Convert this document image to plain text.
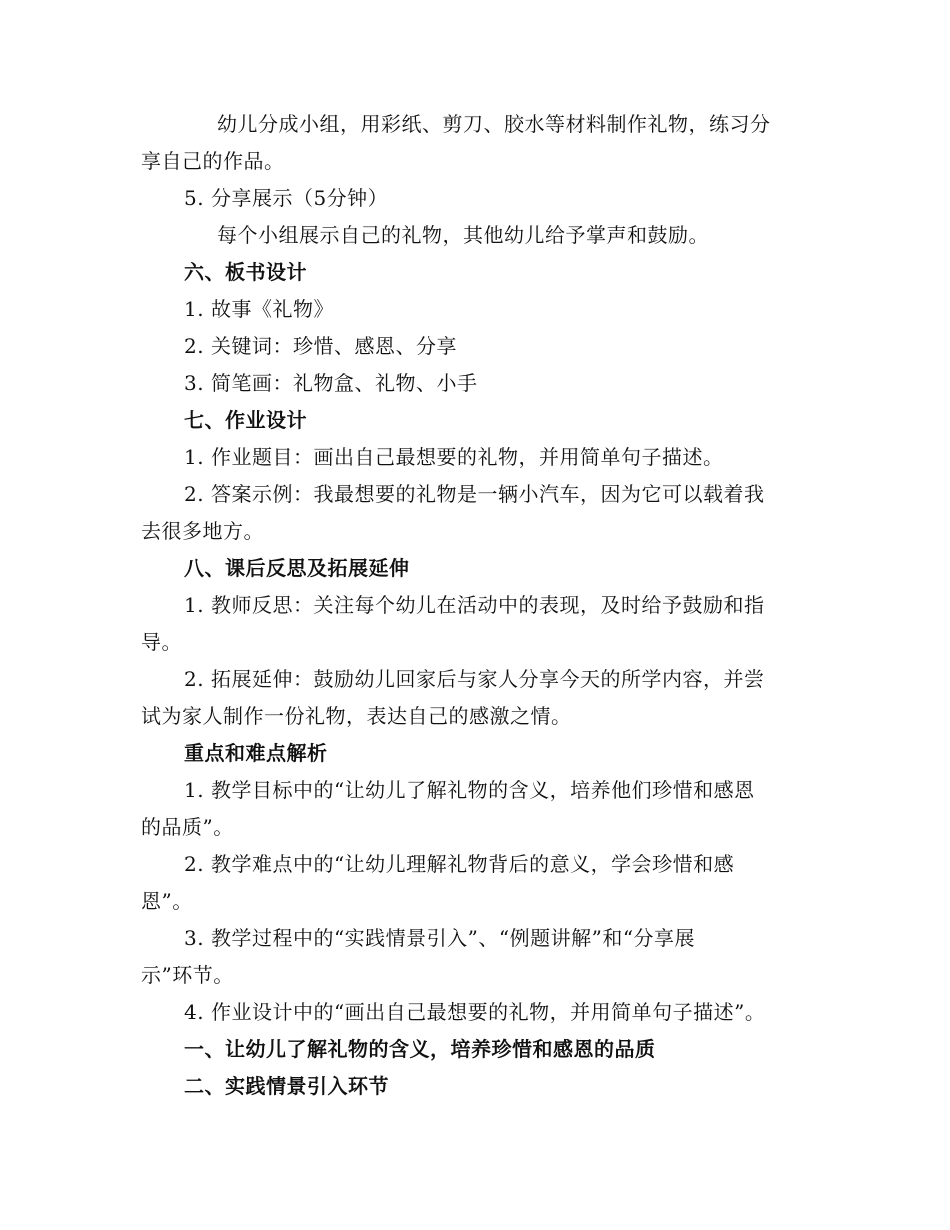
幼儿分成小组，用彩纸、剪刀、胶水等材料制作礼物，练习分
享自己的作品。
5. 分享展示（5分钟）
每个小组展示自己的礼物，其他幼儿给予掌声和鼓励。
六、板书设计
1. 故事《礼物》
2. 关键词：珍惜、感恩、分享
3. 简笔画：礼物盒、礼物、小手
七、作业设计
1. 作业题目：画出自己最想要的礼物，并用简单句子描述。
2. 答案示例：我最想要的礼物是一辆小汽车，因为它可以载着我
去很多地方。
八、课后反思及拓展延伸
1. 教师反思：关注每个幼儿在活动中的表现，及时给予鼓励和指
导。
2. 拓展延伸：鼓励幼儿回家后与家人分享今天的所学内容，并尝
试为家人制作一份礼物，表达自己的感激之情。
重点和难点解析
1. 教学目标中的“让幼儿了解礼物的含义，培养他们珍惜和感恩
的品质”。
2. 教学难点中的“让幼儿理解礼物背后的意义，学会珍惜和感
恩”。
3. 教学过程中的“实践情景引入”、“例题讲解”和“分享展
示”环节。
4. 作业设计中的“画出自己最想要的礼物，并用简单句子描述”。
一、让幼儿了解礼物的含义，培养珍惜和感恩的品质
二、实践情景引入环节
